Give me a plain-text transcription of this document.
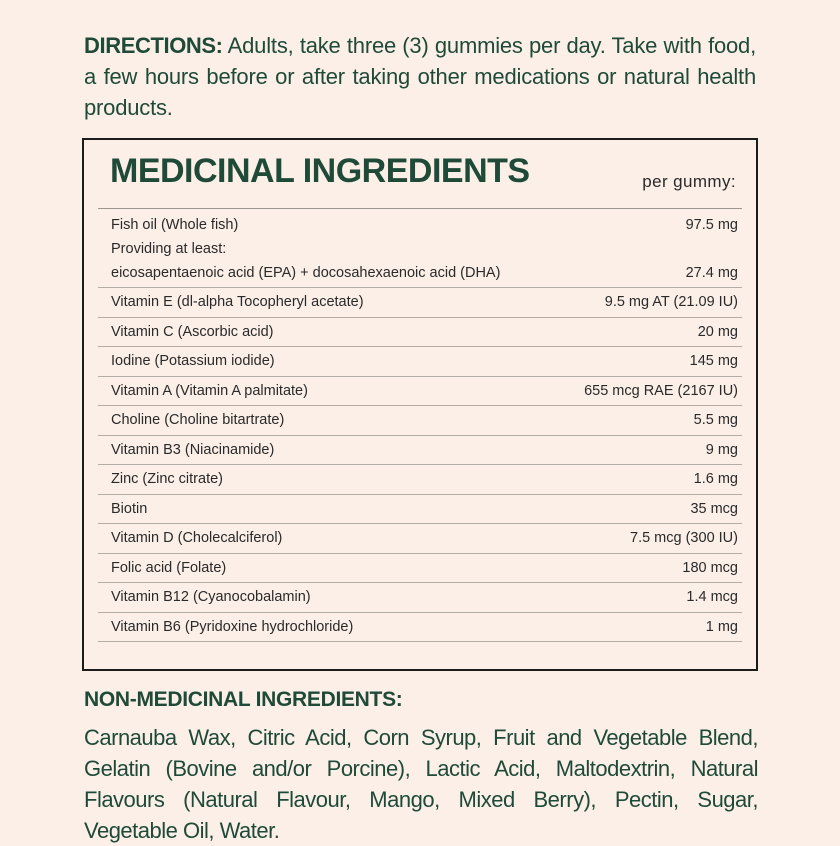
DIRECTIONS: Adults, take three (3) gummies per day. Take with food, a few hours before or after taking other medications or natural health products.

MEDICINAL INGREDIENTS	per gummy:
Fish oil (Whole fish)	97.5 mg
Providing at least:
eicosapentaenoic acid (EPA) + docosahexaenoic acid (DHA)	27.4 mg
Vitamin E (dl-alpha Tocopheryl acetate)	9.5 mg AT (21.09 IU)
Vitamin C (Ascorbic acid)	20 mg
Iodine (Potassium iodide)	145 mg
Vitamin A (Vitamin A palmitate)	655 mcg RAE (2167 IU)
Choline (Choline bitartrate)	5.5 mg
Vitamin B3 (Niacinamide)	9 mg
Zinc (Zinc citrate)	1.6 mg
Biotin	35 mcg
Vitamin D (Cholecalciferol)	7.5 mcg (300 IU)
Folic acid (Folate)	180 mcg
Vitamin B12 (Cyanocobalamin)	1.4 mcg
Vitamin B6 (Pyridoxine hydrochloride)	1 mg
NON-MEDICINAL INGREDIENTS:

Carnauba Wax, Citric Acid, Corn Syrup, Fruit and Vegetable Blend, Gelatin (Bovine and/or Porcine), Lactic Acid, Maltodextrin, Natural Flavours (Natural Flavour, Mango, Mixed Berry), Pectin, Sugar, Vegetable Oil, Water.
